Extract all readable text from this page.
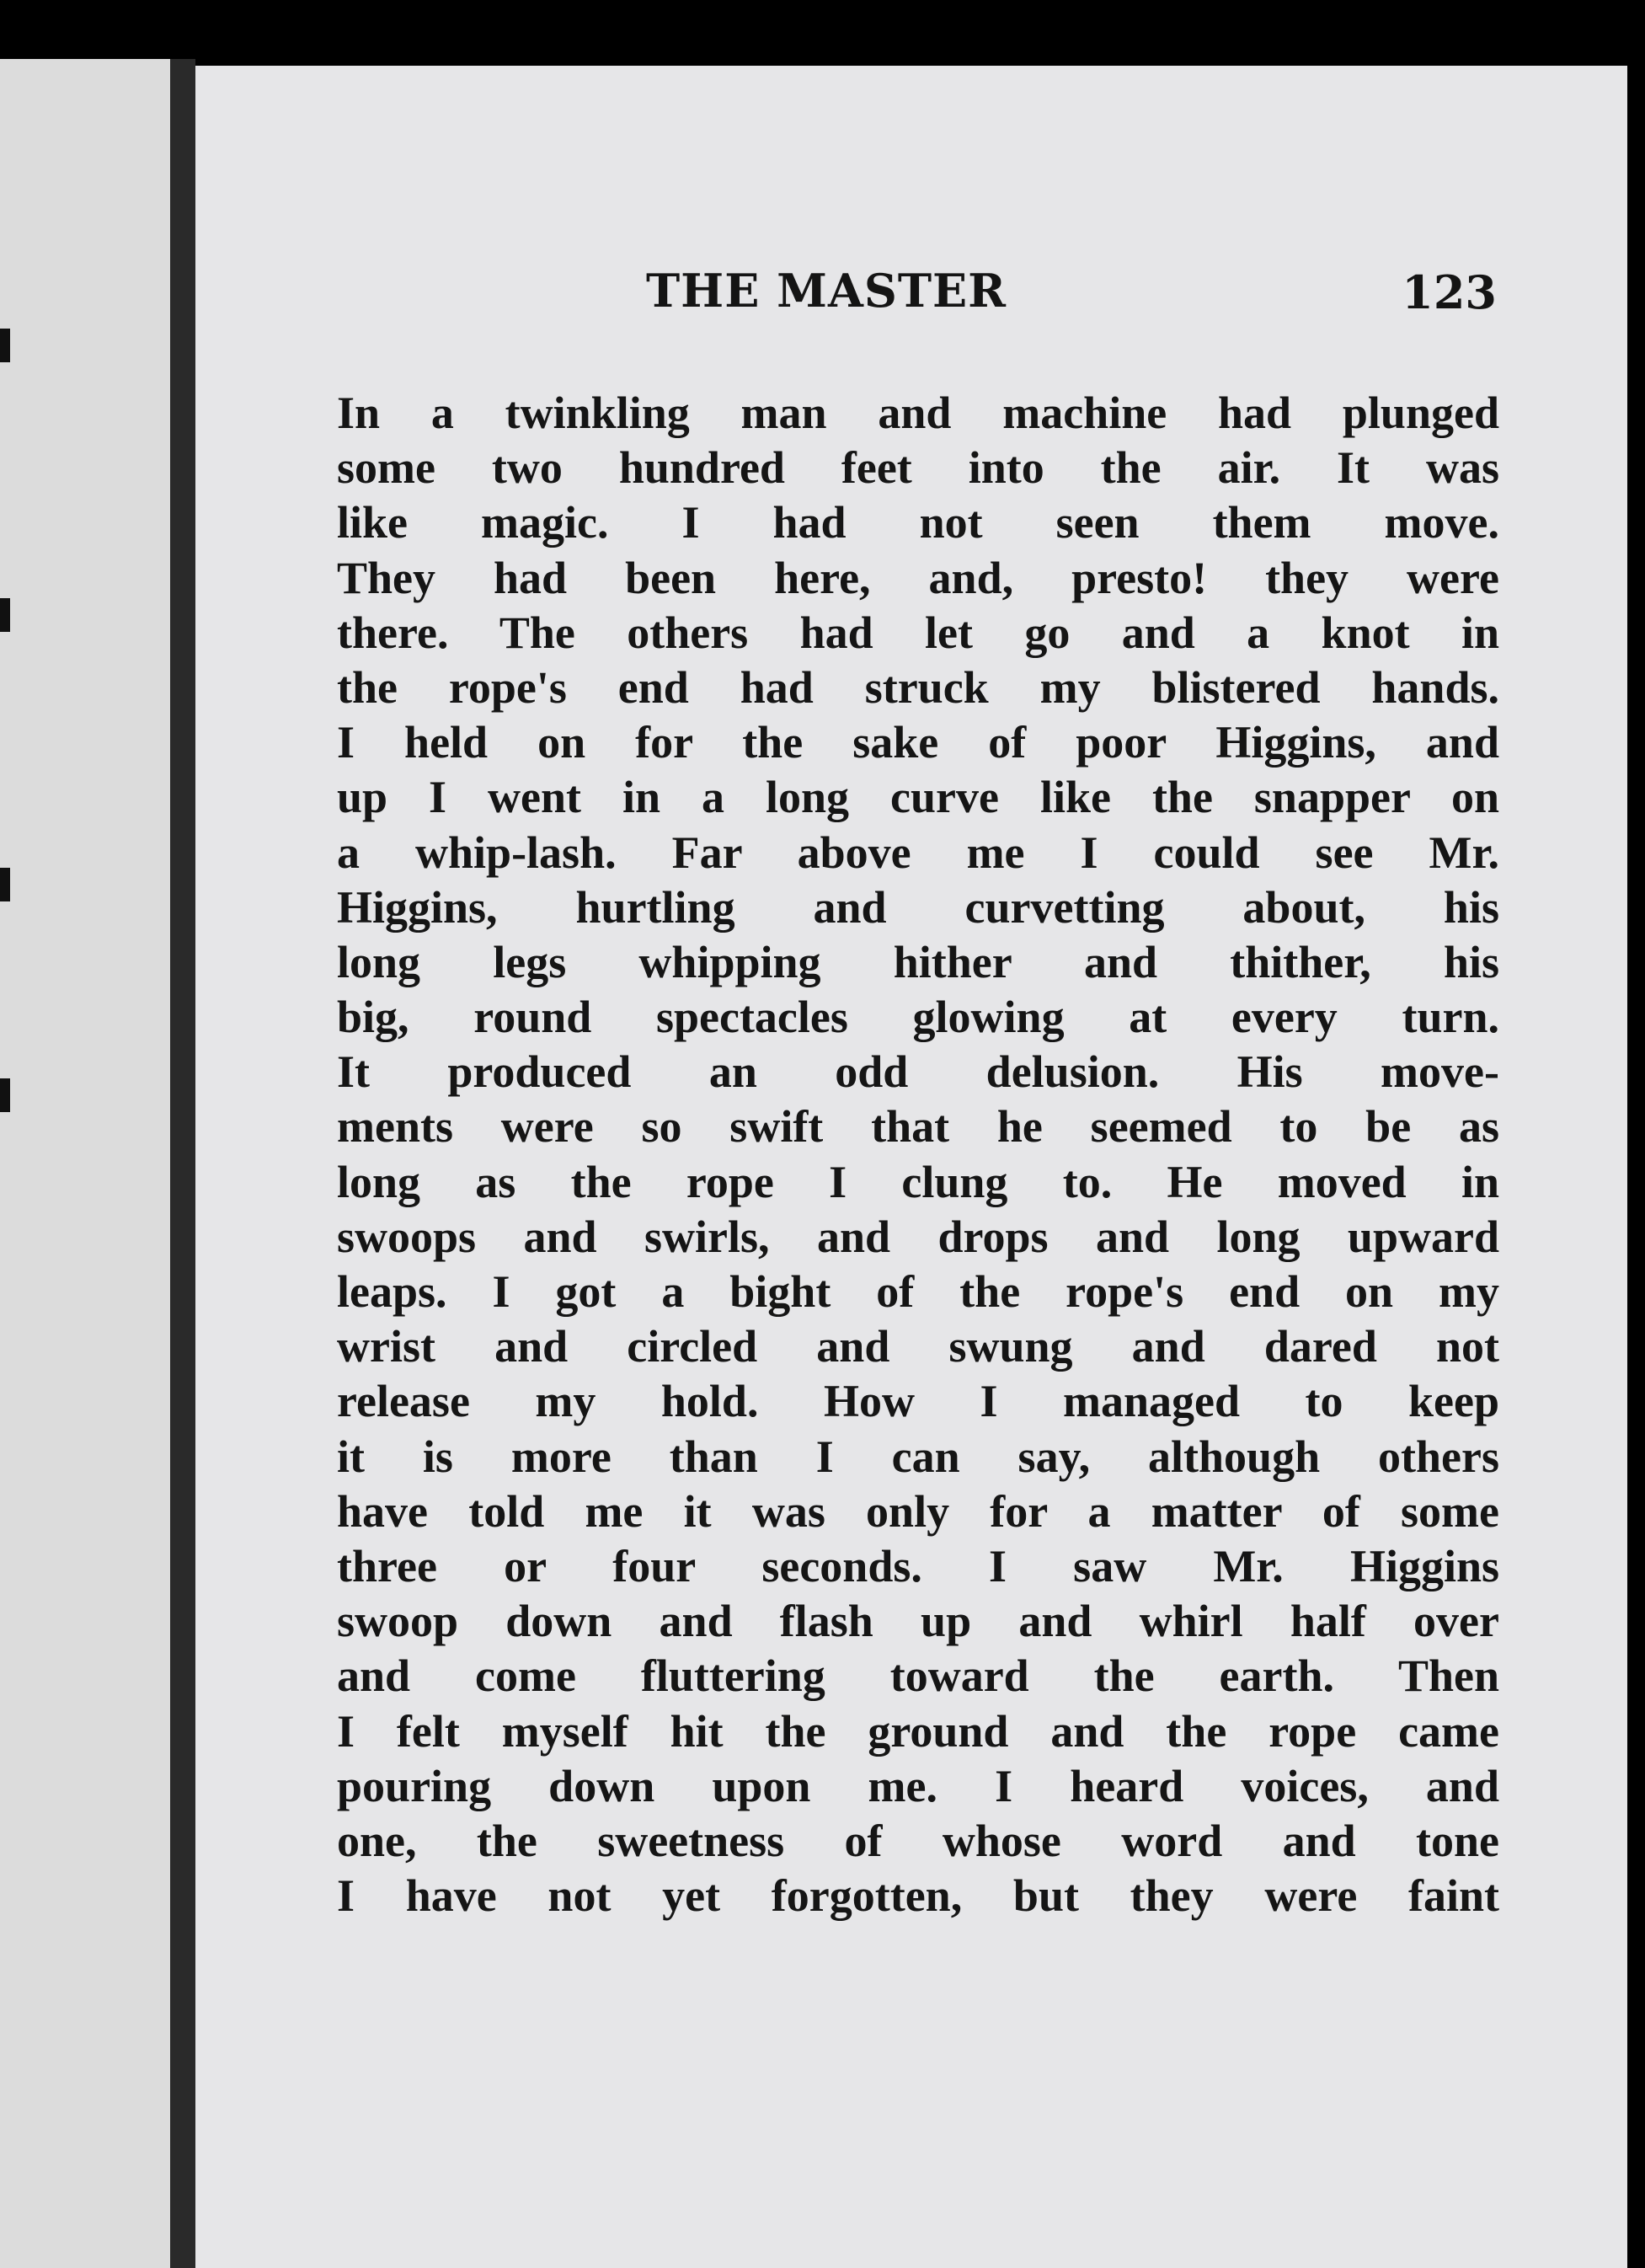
THE MASTER	123
In a twinkling man and machine had plunged
some two hundred feet into the air. It was
like magic. I had not seen them move.
They had been here, and, presto! they were
there. The others had let go and a knot in
the rope's end had struck my blistered hands.
I held on for the sake of poor Higgins, and
up I went in a long curve like the snapper on
a whip-lash. Far above me I could see Mr.
Higgins, hurtling and curvetting about, his
long legs whipping hither and thither, his
big, round spectacles glowing at every turn.
It produced an odd delusion. His move-
ments were so swift that he seemed to be as
long as the rope I clung to. He moved in
swoops and swirls, and drops and long upward
leaps. I got a bight of the rope's end on my
wrist and circled and swung and dared not
release my hold. How I managed to keep
it is more than I can say, although others
have told me it was only for a matter of some
three or four seconds. I saw Mr. Higgins
swoop down and flash up and whirl half over
and come fluttering toward the earth. Then
I felt myself hit the ground and the rope came
pouring down upon me. I heard voices, and
one, the sweetness of whose word and tone
I have not yet forgotten, but they were faint
